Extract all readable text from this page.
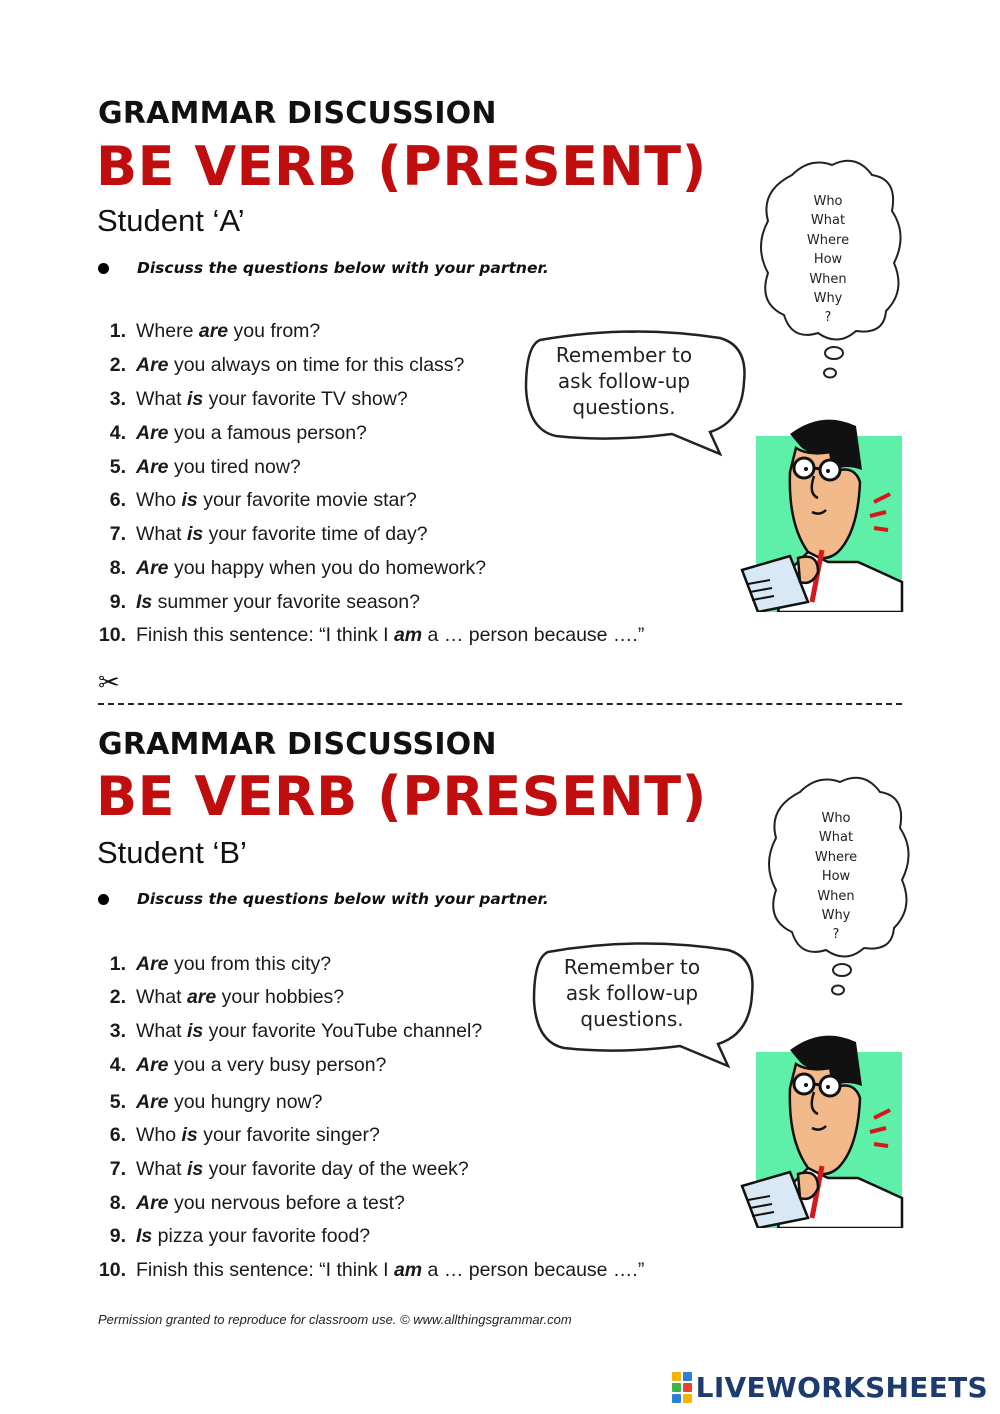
GRAMMAR DISCUSSION
BE VERB (PRESENT)
Student ‘A’
Discuss the questions below with your partner.
1. Where are you from?
2. Are you always on time for this class?
3. What is your favorite TV show?
4. Are you a famous person?
5. Are you tired now?
6. Who is your favorite movie star?
7. What is your favorite time of day?
8. Are you happy when you do homework?
9. Is summer your favorite season?
10. Finish this sentence: “I think I am a … person because ….”
Remember to
ask follow-up
questions.
Who
What
Where
How
When
Why
?
✂
GRAMMAR DISCUSSION
BE VERB (PRESENT)
Student ‘B’
Discuss the questions below with your partner.
1. Are you from this city?
2. What are your hobbies?
3. What is your favorite YouTube channel?
4. Are you a very busy person?
5. Are you hungry now?
6. Who is your favorite singer?
7. What is your favorite day of the week?
8. Are you nervous before a test?
9. Is pizza your favorite food?
10. Finish this sentence: “I think I am a … person because ….”
Remember to
ask follow-up
questions.
Who
What
Where
How
When
Why
?
Permission granted to reproduce for classroom use. © www.allthingsgrammar.com
LIVEWORKSHEETS
